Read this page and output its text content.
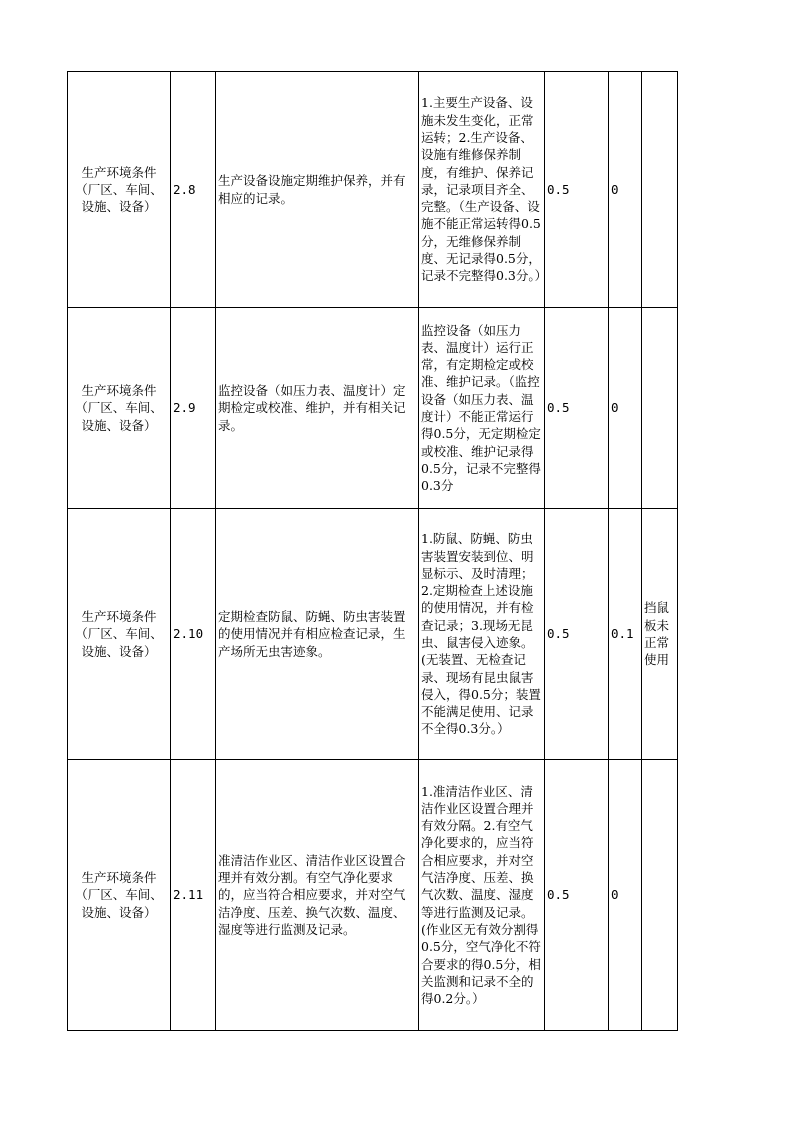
生产环境条件（厂区、车间、设施、设备）	2.8	生产设备设施定期维护保养，并有相应的记录。	1.主要生产设备、设施未发生变化，正常运转；2.生产设备、设施有维修保养制度，有维护、保养记录，记录项目齐全、完整。（生产设备、设施不能正常运转得0.5分，无维修保养制度、无记录得0.5分，记录不完整得0.3分。）	0.5	0	
生产环境条件（厂区、车间、设施、设备）	2.9	监控设备（如压力表、温度计）定期检定或校准、维护，并有相关记录。	监控设备（如压力表、温度计）运行正常，有定期检定或校准、维护记录。（监控设备（如压力表、温度计）不能正常运行得0.5分，无定期检定或校准、维护记录得0.5分，记录不完整得0.3分	0.5	0	
生产环境条件（厂区、车间、设施、设备）	2.10	定期检查防鼠、防蝇、防虫害装置的使用情况并有相应检查记录，生产场所无虫害迹象。	1.防鼠、防蝇、防虫害装置安装到位、明显标示、及时清理；2.定期检查上述设施的使用情况，并有检查记录；3.现场无昆虫、鼠害侵入迹象。(无装置、无检查记录、现场有昆虫鼠害侵入，得0.5分；装置不能满足使用、记录不全得0.3分。）	0.5	0.1	挡鼠板未正常使用
生产环境条件（厂区、车间、设施、设备）	2.11	准清洁作业区、清洁作业区设置合理并有效分割。有空气净化要求的，应当符合相应要求，并对空气洁净度、压差、换气次数、温度、湿度等进行监测及记录。	1.准清洁作业区、清洁作业区设置合理并有效分隔。2.有空气净化要求的，应当符合相应要求，并对空气洁净度、压差、换气次数、温度、湿度等进行监测及记录。(作业区无有效分割得0.5分，空气净化不符合要求的得0.5分，相关监测和记录不全的得0.2分。）	0.5	0	
